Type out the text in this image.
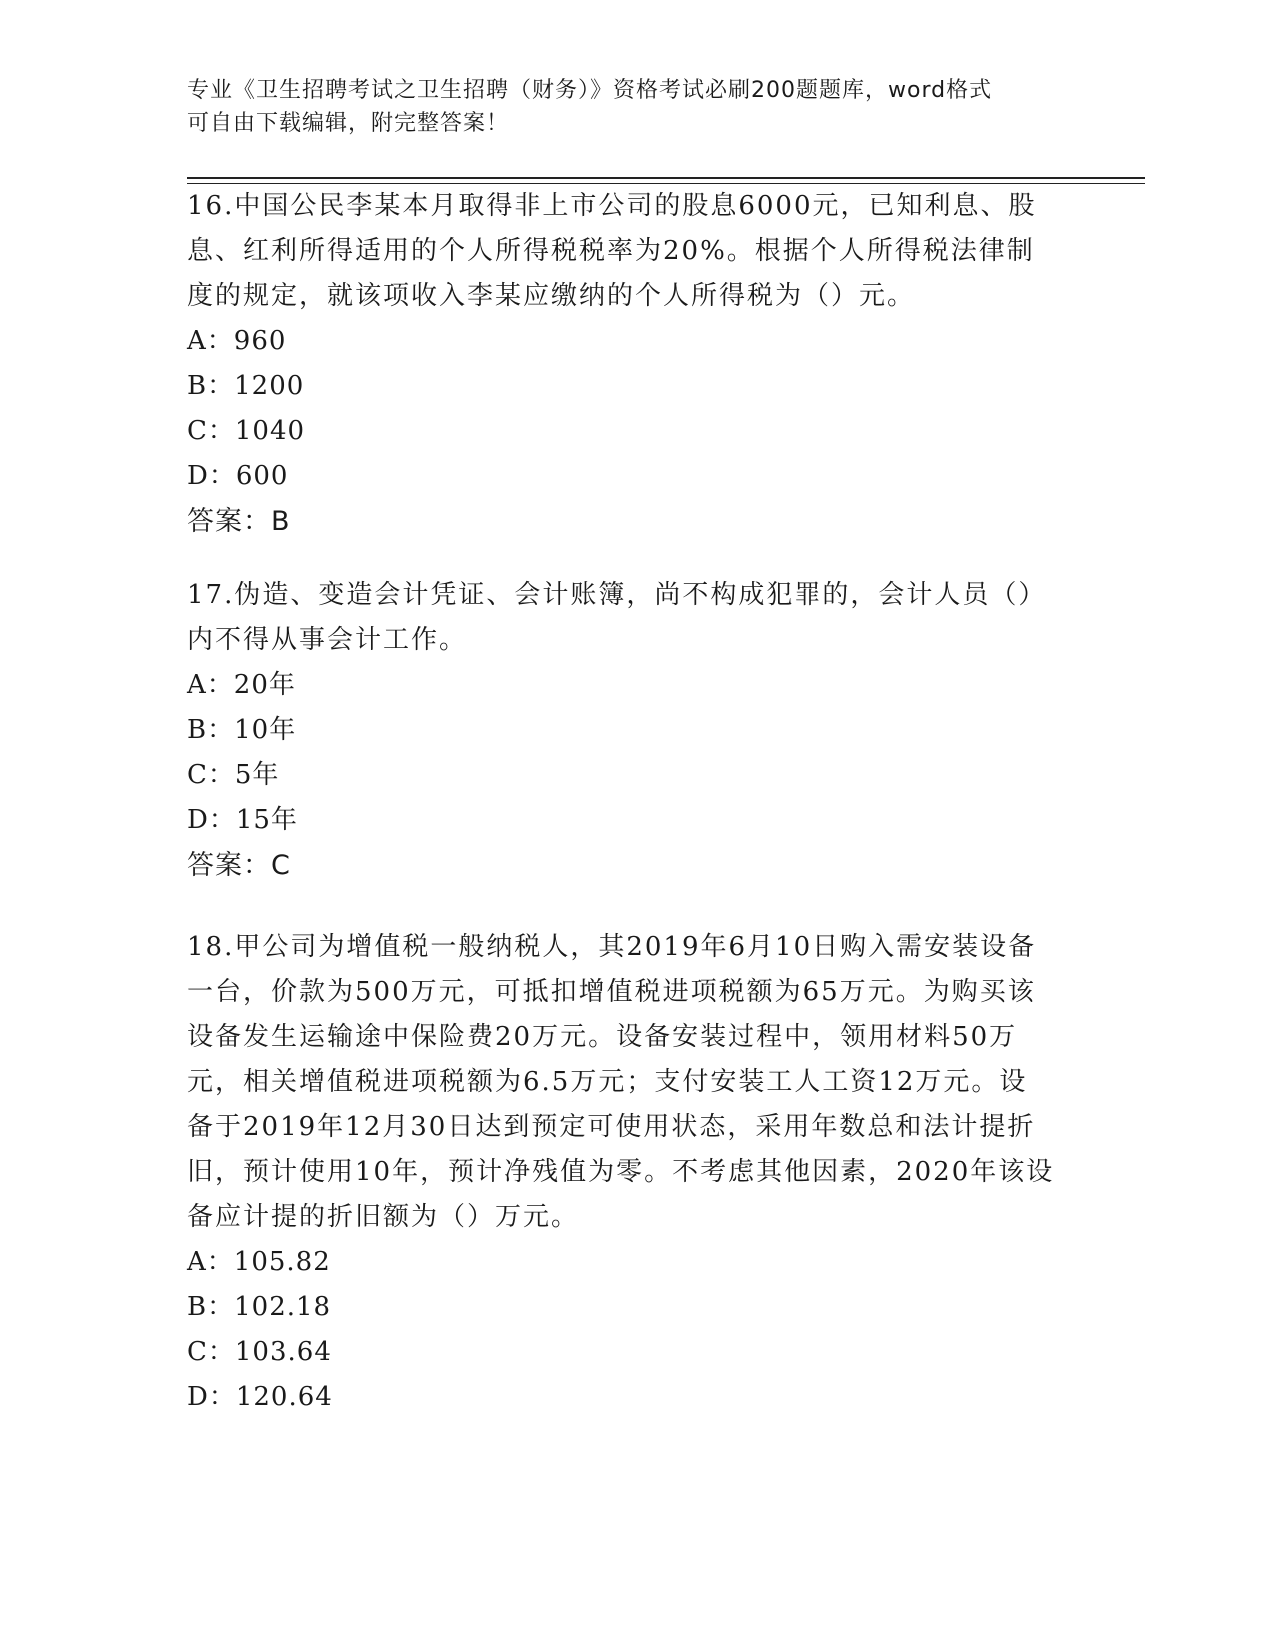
专业《卫生招聘考试之卫生招聘（财务）》资格考试必刷200题题库，word格式
可自由下载编辑，附完整答案！
16.中国公民李某本月取得非上市公司的股息6000元，已知利息、股
息、红利所得适用的个人所得税税率为20%。根据个人所得税法律制
度的规定，就该项收入李某应缴纳的个人所得税为（）元。
A：960
B：1200
C：1040
D：600
答案：B
17.伪造、变造会计凭证、会计账簿，尚不构成犯罪的，会计人员（）
内不得从事会计工作。
A：20年
B：10年
C：5年
D：15年
答案：C
18.甲公司为增值税一般纳税人，其2019年6月10日购入需安装设备
一台，价款为500万元，可抵扣增值税进项税额为65万元。为购买该
设备发生运输途中保险费20万元。设备安装过程中，领用材料50万
元，相关增值税进项税额为6.5万元；支付安装工人工资12万元。设
备于2019年12月30日达到预定可使用状态，采用年数总和法计提折
旧，预计使用10年，预计净残值为零。不考虑其他因素，2020年该设
备应计提的折旧额为（）万元。
A：105.82
B：102.18
C：103.64
D：120.64
